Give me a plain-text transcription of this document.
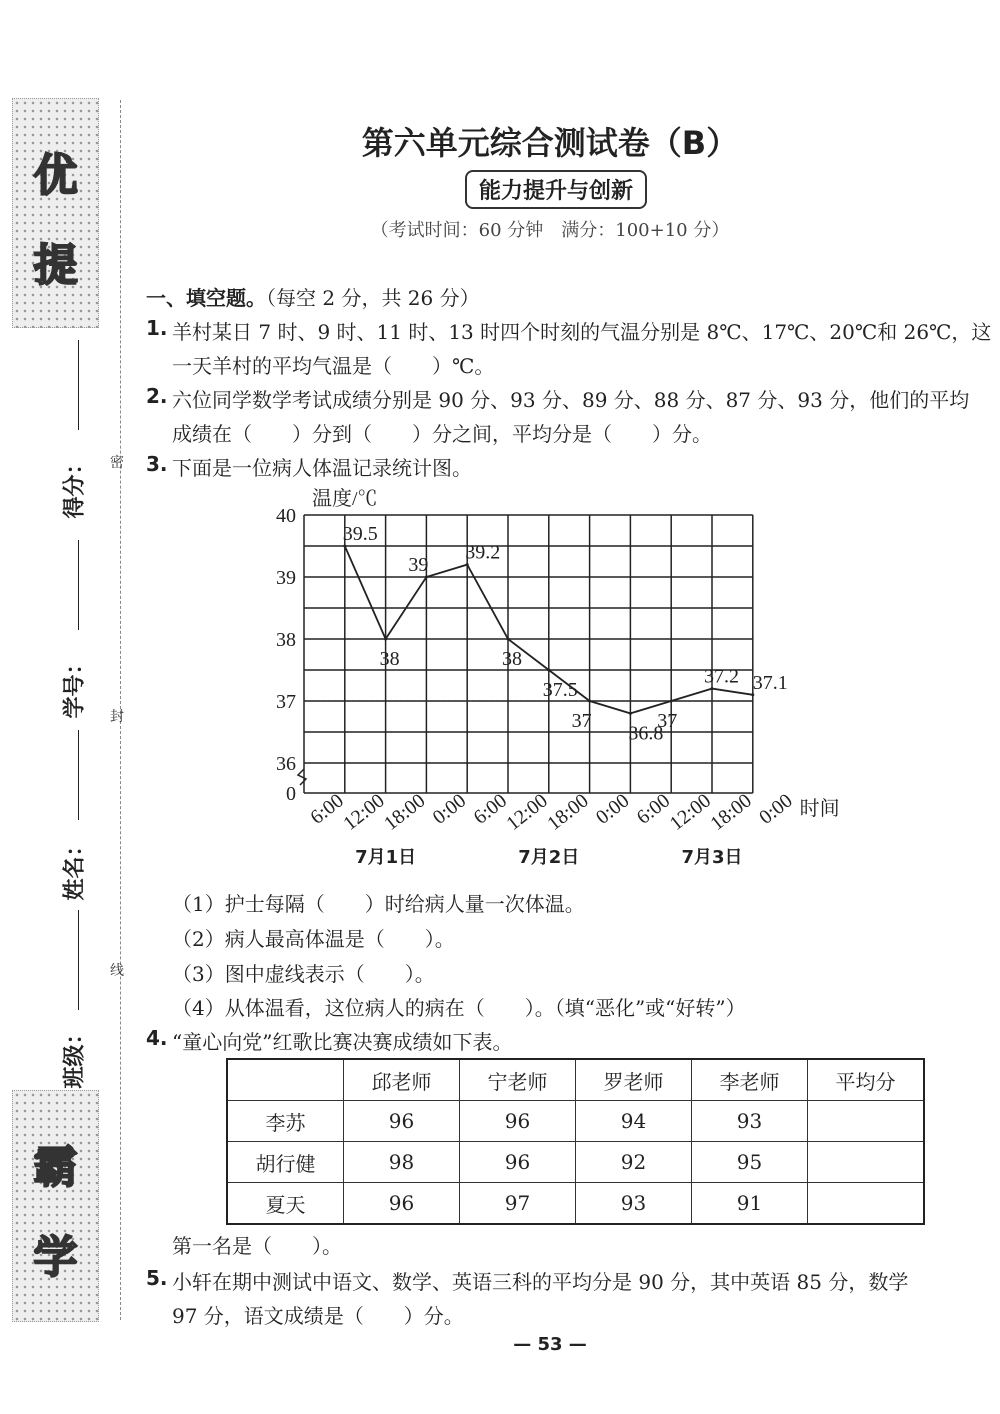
优
提
霸
学
得分：
学号：
姓名：
班级：
密
封
线
第六单元综合测试卷（B）
能力提升与创新
（考试时间：60 分钟　满分：100+10 分）
一、填空题。（每空 2 分，共 26 分）
1. 羊村某日 7 时、9 时、11 时、13 时四个时刻的气温分别是 8℃、17℃、20℃和 26℃，这
一天羊村的平均气温是（　　）℃。
2. 六位同学数学考试成绩分别是 90 分、93 分、89 分、88 分、87 分、93 分，他们的平均
成绩在（　　）分到（　　）分之间，平均分是（　　）分。
3. 下面是一位病人体温记录统计图。
40
39
38
37
36
0
温度/℃
6:00
12:00
18:00 0:00 6:00
12:00
18:00 0:00 6:00
12:00
18:00 0:00 时间
7月1日	7月2日	7月3日
39.5
38
39
39.2
38
37.5
37
36.8
37
37.2 37.1
（1）护士每隔（　　）时给病人量一次体温。
（2）病人最高体温是（　　）。
（3）图中虚线表示（　　）。
（4）从体温看，这位病人的病在（　　）。（填“恶化”或“好转”）
4. “童心向党”红歌比赛决赛成绩如下表。
	邱老师	宁老师	罗老师	李老师	平均分
李苏	96	96	94	93	
胡行健	98	96	92	95	
夏天	96	97	93	91	
第一名是（　　）。
5. 小轩在期中测试中语文、数学、英语三科的平均分是 90 分，其中英语 85 分，数学
97 分，语文成绩是（　　）分。
— 53 —
